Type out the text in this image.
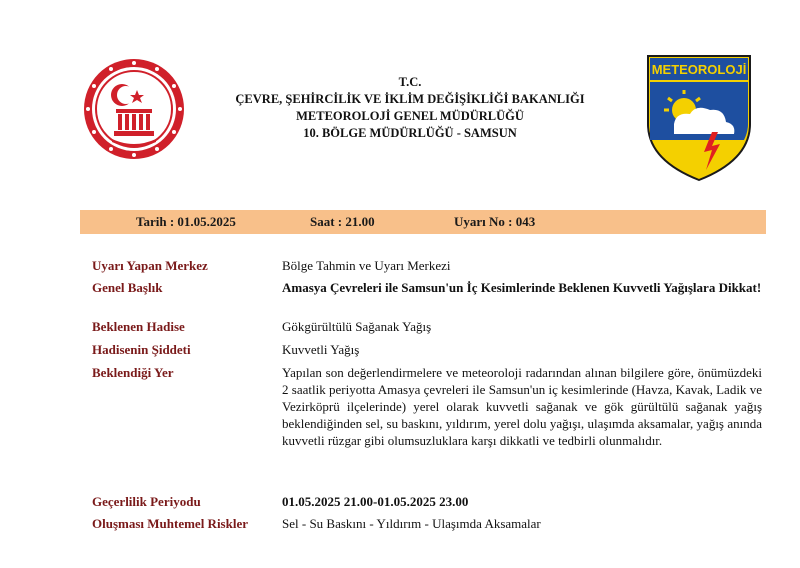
T.C.
ÇEVRE, ŞEHİRCİLİK VE İKLİM DEĞİŞİKLİĞİ BAKANLIĞI
METEOROLOJİ GENEL MÜDÜRLÜĞÜ
10. BÖLGE MÜDÜRLÜĞÜ - SAMSUN
METEOROLOJİ
Tarih : 01.05.2025	Saat : 21.00	Uyarı No : 043
Uyarı Yapan Merkez	Bölge Tahmin ve Uyarı Merkezi
Genel Başlık	Amasya Çevreleri ile Samsun'un İç Kesimlerinde Beklenen Kuvvetli Yağışlara Dikkat!
Beklenen Hadise	Gökgürültülü Sağanak Yağış
Hadisenin Şiddeti	Kuvvetli Yağış
Beklendiği Yer	Yapılan son değerlendirmelere ve meteoroloji radarından alınan bilgilere göre, önümüzdeki 2 saatlik periyotta Amasya çevreleri ile Samsun'un iç kesimlerinde (Havza, Kavak, Ladik ve Vezirköprü ilçelerinde) yerel olarak kuvvetli sağanak ve gök gürültülü sağanak yağış beklendiğinden sel, su baskını, yıldırım, yerel dolu yağışı, ulaşımda aksamalar, yağış anında kuvvetli rüzgar gibi olumsuzluklara karşı dikkatli ve tedbirli olunmalıdır.
Geçerlilik Periyodu	01.05.2025 21.00-01.05.2025 23.00
Oluşması Muhtemel Riskler	Sel - Su Baskını - Yıldırım - Ulaşımda Aksamalar
